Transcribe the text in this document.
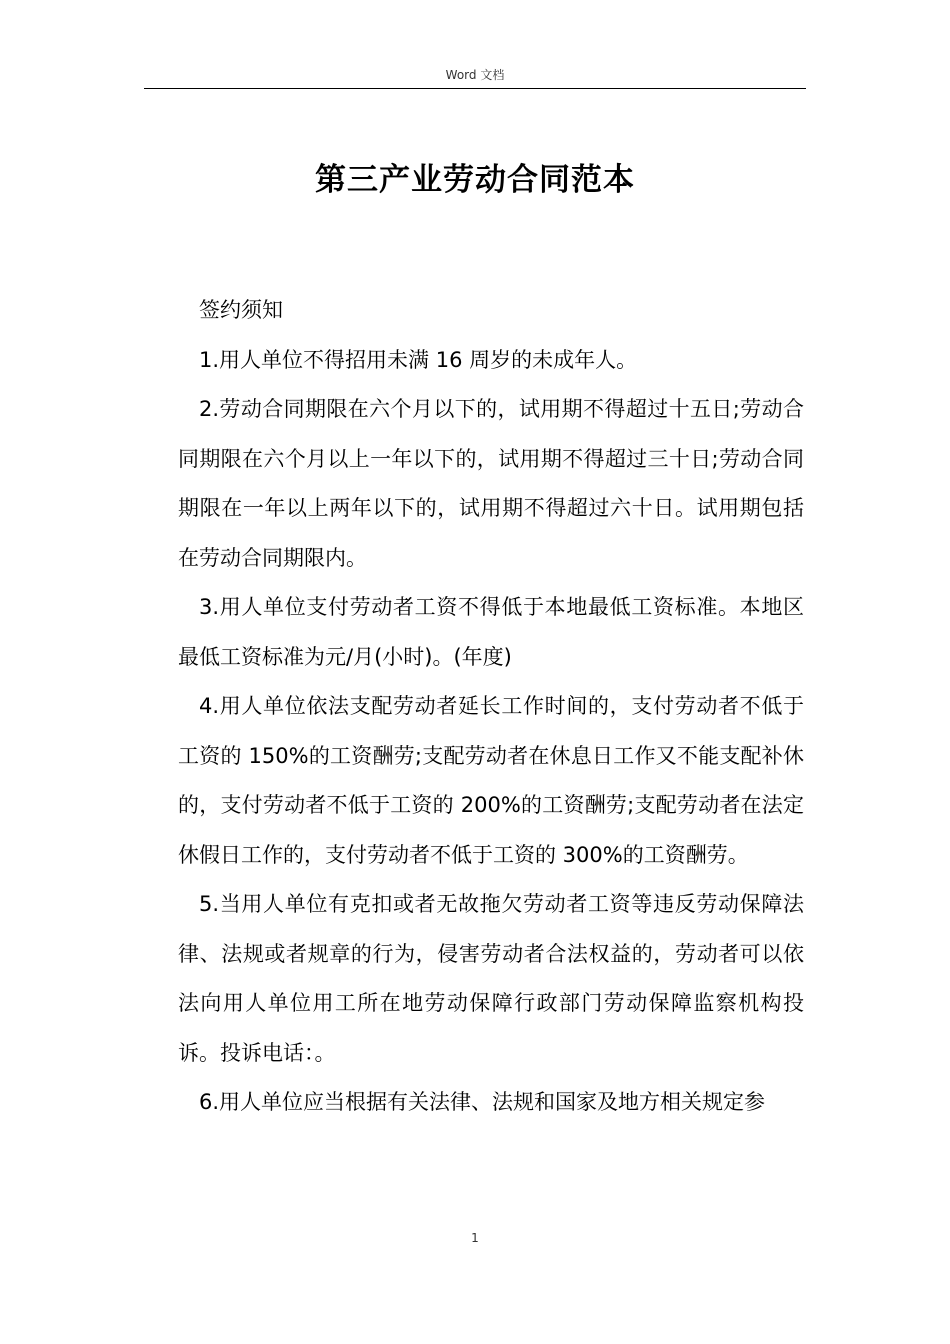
Word 文档
第三产业劳动合同范本

签约须知

1.用人单位不得招用未满 16 周岁的未成年人。

2.劳动合同期限在六个月以下的，试用期不得超过十五日;劳动合同期限在六个月以上一年以下的，试用期不得超过三十日;劳动合同期限在一年以上两年以下的，试用期不得超过六十日。试用期包括在劳动合同期限内。

3.用人单位支付劳动者工资不得低于本地最低工资标准。本地区最低工资标准为元/月(小时)。(年度)

4.用人单位依法支配劳动者延长工作时间的，支付劳动者不低于工资的 150%的工资酬劳;支配劳动者在休息日工作又不能支配补休的，支付劳动者不低于工资的 200%的工资酬劳;支配劳动者在法定休假日工作的，支付劳动者不低于工资的 300%的工资酬劳。

5.当用人单位有克扣或者无故拖欠劳动者工资等违反劳动保障法律、法规或者规章的行为，侵害劳动者合法权益的，劳动者可以依法向用人单位用工所在地劳动保障行政部门劳动保障监察机构投诉。投诉电话：。

6.用人单位应当根据有关法律、法规和国家及地方相关规定参

1
